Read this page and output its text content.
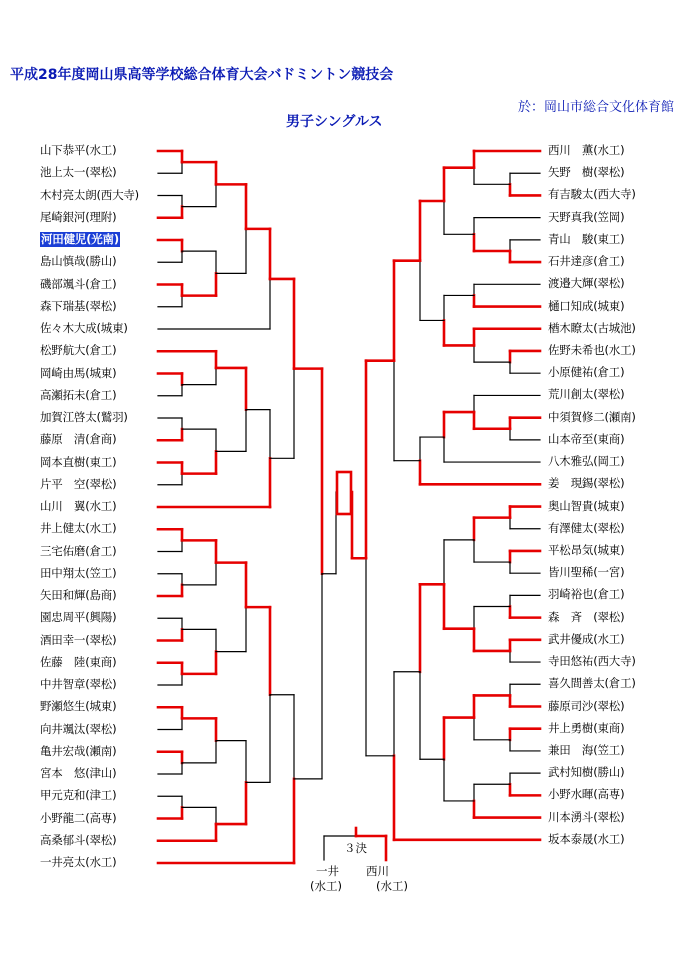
平成28年度岡山県高等学校総合体育大会バドミントン競技会
於：岡山市総合文化体育館
男子シングルス
山下恭平(水工)
池上太一(翠松)
木村亮太朗(西大寺)
尾崎銀河(理附)
河田健児(光南)
島山慎哉(勝山)
磯部颯斗(倉工)
森下瑞基(翠松)
佐々木大成(城東)
松野航大(倉工)
岡崎由馬(城東)
高瀬拓未(倉工)
加賀江啓太(鷲羽)
藤原　清(倉商)
岡本直樹(東工)
片平　空(翠松)
山川　翼(水工)
井上健太(水工)
三宅佑磨(倉工)
田中翔太(笠工)
矢田和輝(島商)
園忠周平(興陽)
酒田幸一(翠松)
佐藤　陸(東商)
中井智章(翠松)
野瀬悠生(城東)
向井颯汰(翠松)
亀井宏哉(瀬南)
宮本　悠(津山)
甲元克和(津工)
小野龍二(高専)
高桑郁斗(翠松)
一井亮太(水工)
西川　薫(水工)
矢野　樹(翠松)
有吉駿太(西大寺)
天野真我(笠岡)
青山　駿(東工)
石井達彦(倉工)
渡邉大輝(翠松)
樋口知成(城東)
楢木瞭太(古城池)
佐野未希也(水工)
小原健祐(倉工)
荒川創太(翠松)
中須賀修二(瀬南)
山本帝至(東商)
八木雅弘(岡工)
姜　現錫(翠松)
奥山智貴(城東)
有澤健太(翠松)
平松昂気(城東)
皆川聖稀(一宮)
羽崎裕也(倉工)
森　斉　(翠松)
武井優成(水工)
寺田悠祐(西大寺)
喜久間善太(倉工)
藤原司沙(翠松)
井上勇樹(東商)
兼田　海(笠工)
武村知樹(勝山)
小野水暉(高専)
川本湧斗(翠松)
坂本泰晟(水工)
３決
一井
(水工)
西川
(水工)
